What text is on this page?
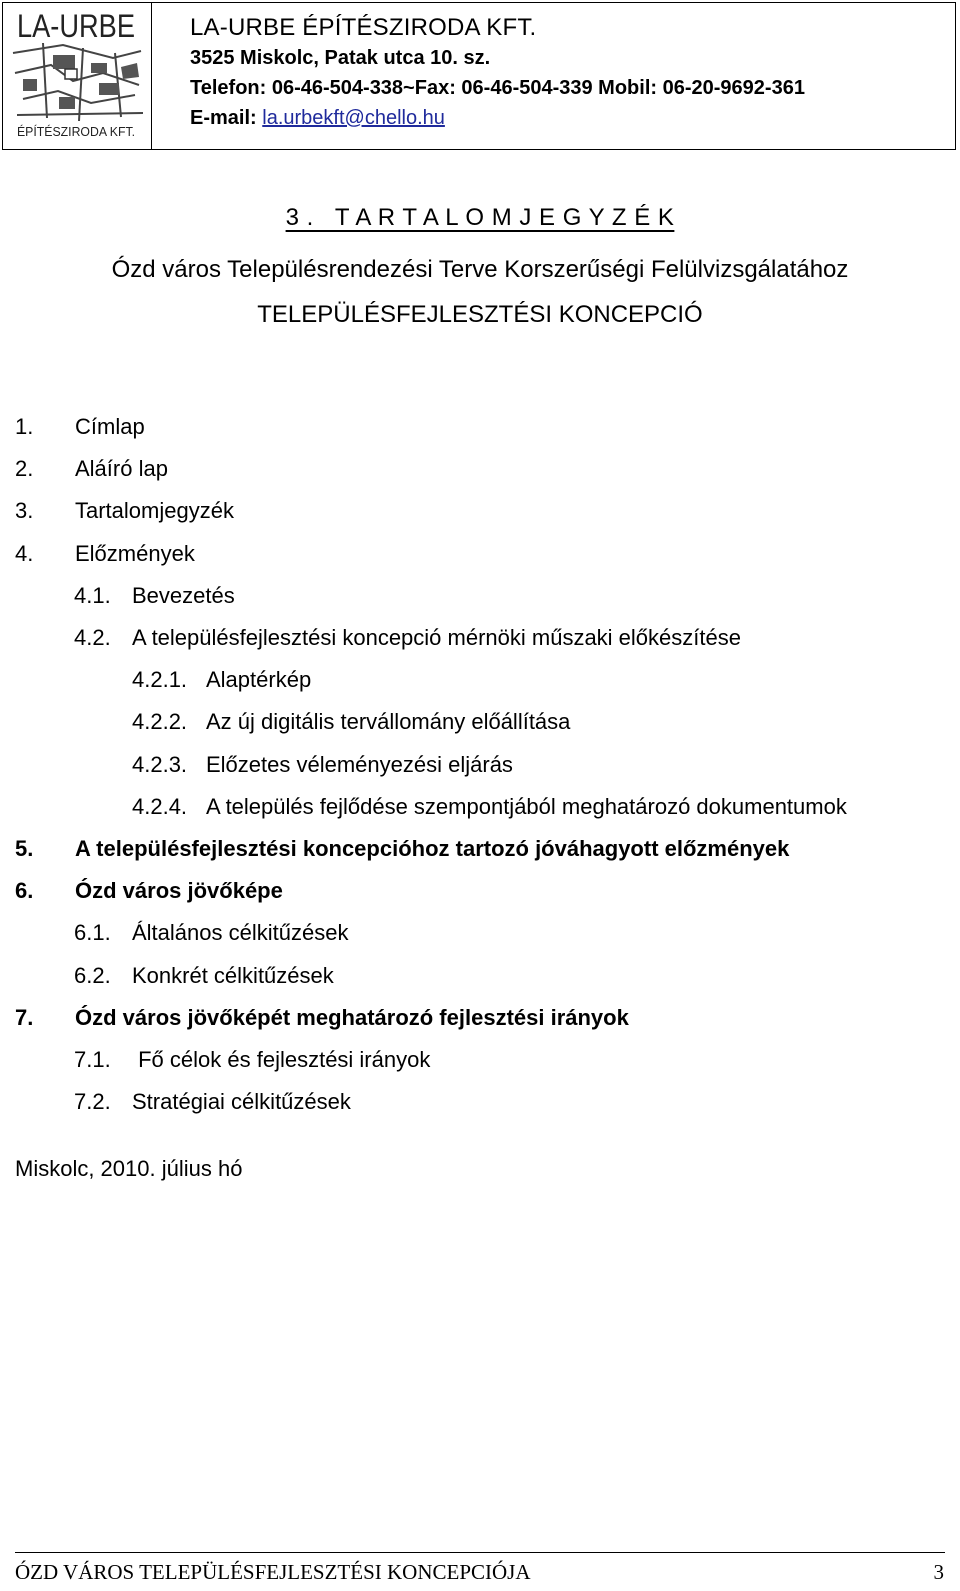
LA-URBE
ÉPÍTÉSZIRODA KFT.
LA-URBE ÉPÍTÉSZIRODA KFT.
3525 Miskolc, Patak utca 10. sz.
Telefon: 06-46-504-338~Fax: 06-46-504-339 Mobil: 06-20-9692-361
E-mail: la.urbekft@chello.hu
3 .   T A R T A L O M J E G Y Z É K
Ózd város Településrendezési Terve Korszerűségi Felülvizsgálatához
TELEPÜLÉSFEJLESZTÉSI KONCEPCIÓ
1. Címlap
2. Aláíró lap
3. Tartalomjegyzék
4. Előzmények
4.1. Bevezetés
4.2. A településfejlesztési koncepció mérnöki műszaki előkészítése
4.2.1. Alaptérkép
4.2.2. Az új digitális tervállomány előállítása
4.2.3. Előzetes véleményezési eljárás
4.2.4. A település fejlődése szempontjából meghatározó dokumentumok
5. A településfejlesztési koncepcióhoz tartozó jóváhagyott előzmények
6. Ózd város jövőképe
6.1. Általános célkitűzések
6.2. Konkrét célkitűzések
7. Ózd város jövőképét meghatározó fejlesztési irányok
7.1. Fő célok és fejlesztési irányok
7.2. Stratégiai célkitűzések
Miskolc, 2010. július hó
ÓZD VÁROS TELEPÜLÉSFEJLESZTÉSI KONCEPCIÓJA	3
